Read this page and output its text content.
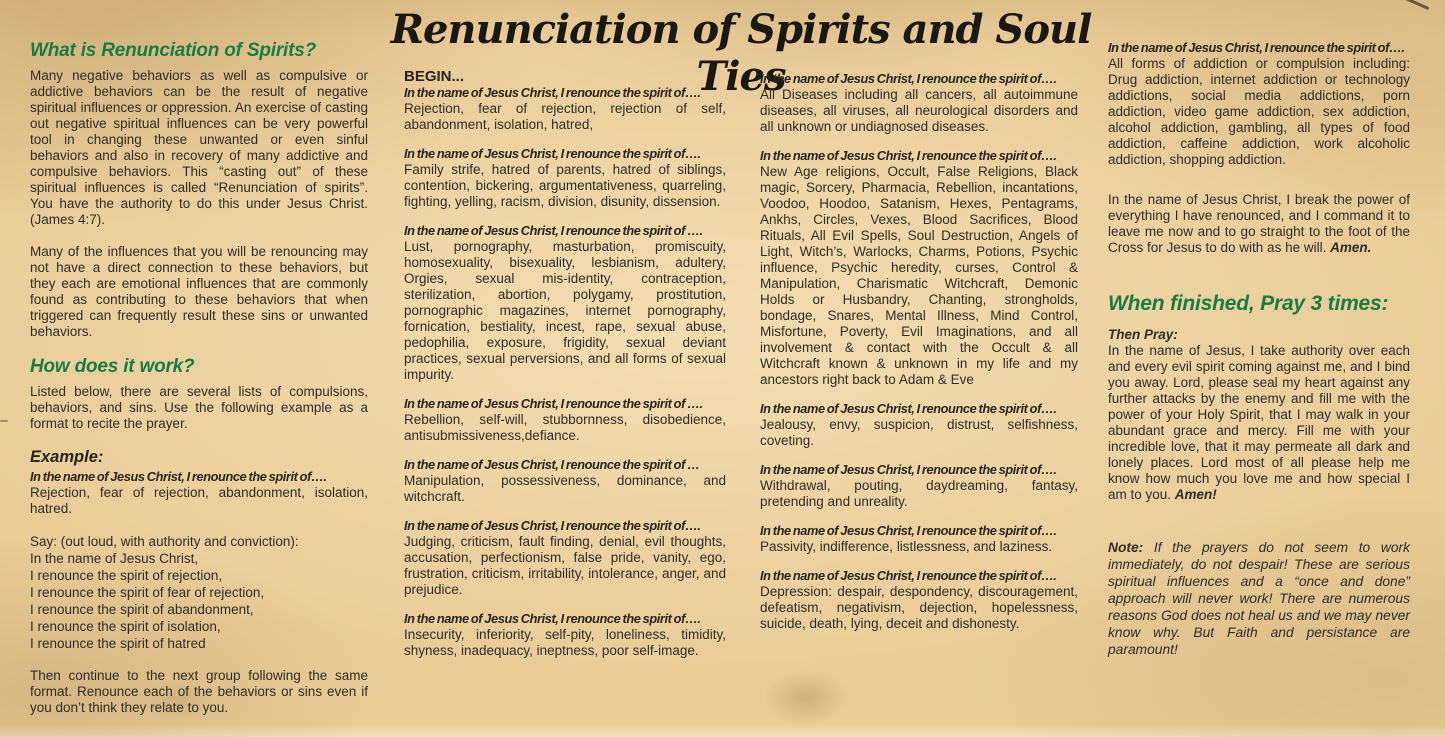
Renunciation of Spirits and Soul Ties
What is Renunciation of Spirits?

Many negative behaviors as well as compulsive or addictive behaviors can be the result of negative spiritual influences or oppression. An exercise of casting out negative spiritual influences can be very powerful tool in changing these unwanted or even sinful behaviors and also in recovery of many addictive and compulsive behaviors. This “casting out” of these spiritual influences is called “Renunciation of spirits”. You have the authority to do this under Jesus Christ. (James 4:7).

Many of the influences that you will be renouncing may not have a direct connection to these behaviors, but they each are emotional influences that are commonly found as contributing to these behaviors that when triggered can frequently result these sins or unwanted behaviors.

How does it work?

Listed below, there are several lists of compulsions, behaviors, and sins. Use the following example as a format to recite the prayer.

Example:
In the name of Jesus Christ, I renounce the spirit of….

Rejection, fear of rejection, abandonment, isolation, hatred.

Say: (out loud, with authority and conviction):
In the name of Jesus Christ,
I renounce the spirit of rejection,
I renounce the spirit of fear of rejection,
I renounce the spirit of abandonment,
I renounce the spirit of isolation,
I renounce the spirit of hatred

Then continue to the next group following the same format. Renounce each of the behaviors or sins even if you don’t think they relate to you.

BEGIN...
In the name of Jesus Christ, I renounce the spirit of….
Rejection, fear of rejection, rejection of self, abandonment, isolation, hatred,
In the name of Jesus Christ, I renounce the spirit of….
Family strife, hatred of parents, hatred of siblings, contention, bickering, argumentativeness, quarreling, fighting, yelling, racism, division, disunity, dissension.
In the name of Jesus Christ, I renounce the spirit of ….
Lust, pornography, masturbation, promiscuity, homosexuality, bisexuality, lesbianism, adultery, Orgies, sexual mis-identity, contraception, sterilization, abortion, polygamy, prostitution, pornographic magazines, internet pornography, fornication, bestiality, incest, rape, sexual abuse, pedophilia, exposure, frigidity, sexual deviant practices, sexual perversions, and all forms of sexual impurity.
In the name of Jesus Christ, I renounce the spirit of ….
Rebellion, self-will, stubbornness, disobedience, antisubmissiveness,defiance.
In the name of Jesus Christ, I renounce the spirit of …
Manipulation, possessiveness, dominance, and witchcraft.
In the name of Jesus Christ, I renounce the spirit of….
Judging, criticism, fault finding, denial, evil thoughts, accusation, perfectionism, false pride, vanity, ego, frustration, criticism, irritability, intolerance, anger, and prejudice.
In the name of Jesus Christ, I renounce the spirit of….
Insecurity, inferiority, self-pity, loneliness, timidity, shyness, inadequacy, ineptness, poor self-image.
In the name of Jesus Christ, I renounce the spirit of….
All Diseases including all cancers, all autoimmune diseases, all viruses, all neurological disorders and all unknown or undiagnosed diseases.
In the name of Jesus Christ, I renounce the spirit of….
New Age religions, Occult, False Religions, Black magic, Sorcery, Pharmacia, Rebellion, incantations, Voodoo, Hoodoo, Satanism, Hexes, Pentagrams, Ankhs, Circles, Vexes, Blood Sacrifices, Blood Rituals, All Evil Spells, Soul Destruction, Angels of Light, Witch’s, Warlocks, Charms, Potions, Psychic influence, Psychic heredity, curses, Control & Manipulation, Charismatic Witchcraft, Demonic Holds or Husbandry, Chanting, strongholds, bondage, Snares, Mental Illness, Mind Control, Misfortune, Poverty, Evil Imaginations, and all involvement & contact with the Occult & all Witchcraft known & unknown in my life and my ancestors right back to Adam & Eve
In the name of Jesus Christ, I renounce the spirit of….
Jealousy, envy, suspicion, distrust, selfishness, coveting.
In the name of Jesus Christ, I renounce the spirit of….
Withdrawal, pouting, daydreaming, fantasy, pretending and unreality.
In the name of Jesus Christ, I renounce the spirit of….
Passivity, indifference, listlessness, and laziness.
In the name of Jesus Christ, I renounce the spirit of….
Depression: despair, despondency, discouragement, defeatism, negativism, dejection, hopelessness, suicide, death, lying, deceit and dishonesty.
In the name of Jesus Christ, I renounce the spirit of….
All forms of addiction or compulsion including: Drug addiction, internet addiction or technology addictions, social media addictions, porn addiction, video game addiction, sex addiction, alcohol addiction, gambling, all types of food addiction, caffeine addiction, work alcoholic addiction, shopping addiction.

In the name of Jesus Christ, I break the power of everything I have renounced, and I command it to leave me now and to go straight to the foot of the Cross for Jesus to do with as he will. Amen.

When finished, Pray 3 times:

Then Pray:

In the name of Jesus, I take authority over each and every evil spirit coming against me, and I bind you away. Lord, please seal my heart against any further attacks by the enemy and fill me with the power of your Holy Spirit, that I may walk in your abundant grace and mercy. Fill me with your incredible love, that it may permeate all dark and lonely places. Lord most of all please help me know how much you love me and how special I am to you. Amen!

Note: If the prayers do not seem to work immediately, do not despair! These are serious spiritual influences and a “once and done” approach will never work! There are numerous reasons God does not heal us and we may never know why. But Faith and persistance are paramount!
